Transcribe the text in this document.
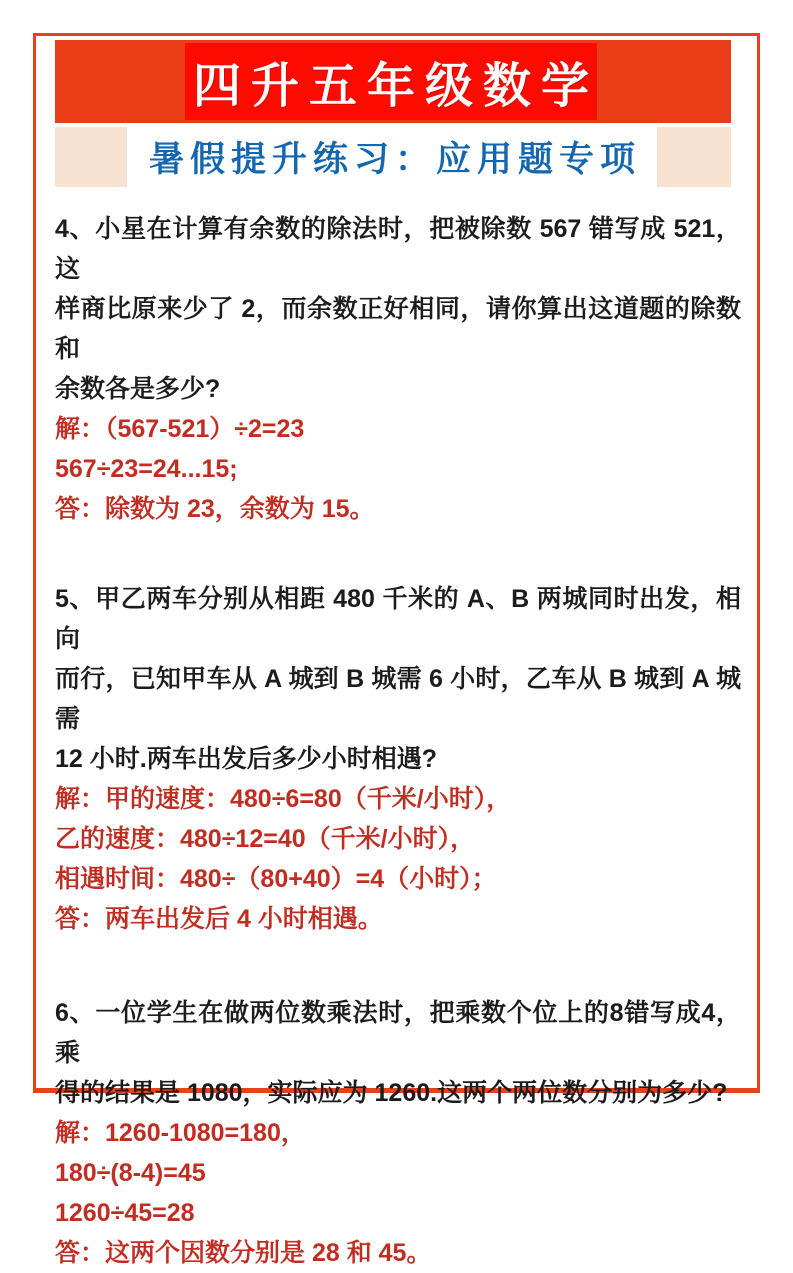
四升五年级数学
暑假提升练习：应用题专项
4、小星在计算有余数的除法时，把被除数 567 错写成 521，这
样商比原来少了 2，而余数正好相同，请你算出这道题的除数和
余数各是多少?
解：（567-521）÷2=23
567÷23=24...15;
答：除数为 23，余数为 15。
5、甲乙两车分别从相距 480 千米的 A、B 两城同时出发，相向
而行，已知甲车从 A 城到 B 城需 6 小时，乙车从 B 城到 A 城需
12 小时.两车出发后多少小时相遇?
解：甲的速度：480÷6=80（千米/小时），
乙的速度：480÷12=40（千米/小时），
相遇时间：480÷（80+40）=4（小时）；
答：两车出发后 4 小时相遇。
6、一位学生在做两位数乘法时，把乘数个位上的8错写成4，乘
得的结果是 1080，实际应为 1260.这两个两位数分别为多少?
解：1260-1080=180，
180÷(8-4)=45
1260÷45=28
答：这两个因数分别是 28 和 45。
